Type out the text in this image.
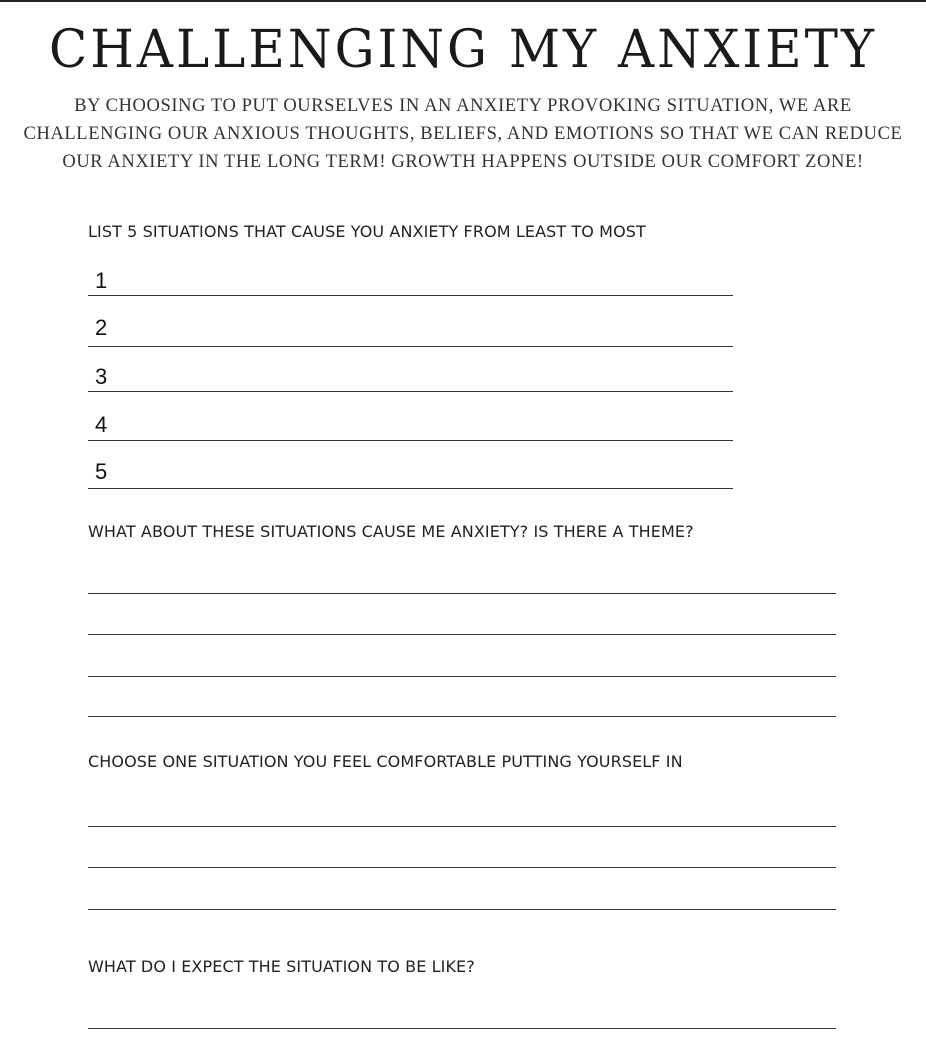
CHALLENGING MY ANXIETY

BY CHOOSING TO PUT OURSELVES IN AN ANXIETY PROVOKING SITUATION, WE ARE CHALLENGING OUR ANXIOUS THOUGHTS, BELIEFS, AND EMOTIONS SO THAT WE CAN REDUCE OUR ANXIETY IN THE LONG TERM! GROWTH HAPPENS OUTSIDE OUR COMFORT ZONE!

LIST 5 SITUATIONS THAT CAUSE YOU ANXIETY FROM LEAST TO MOST
1
2
3
4
5
WHAT ABOUT THESE SITUATIONS CAUSE ME ANXIETY? IS THERE A THEME?
CHOOSE ONE SITUATION YOU FEEL COMFORTABLE PUTTING YOURSELF IN
WHAT DO I EXPECT THE SITUATION TO BE LIKE?
